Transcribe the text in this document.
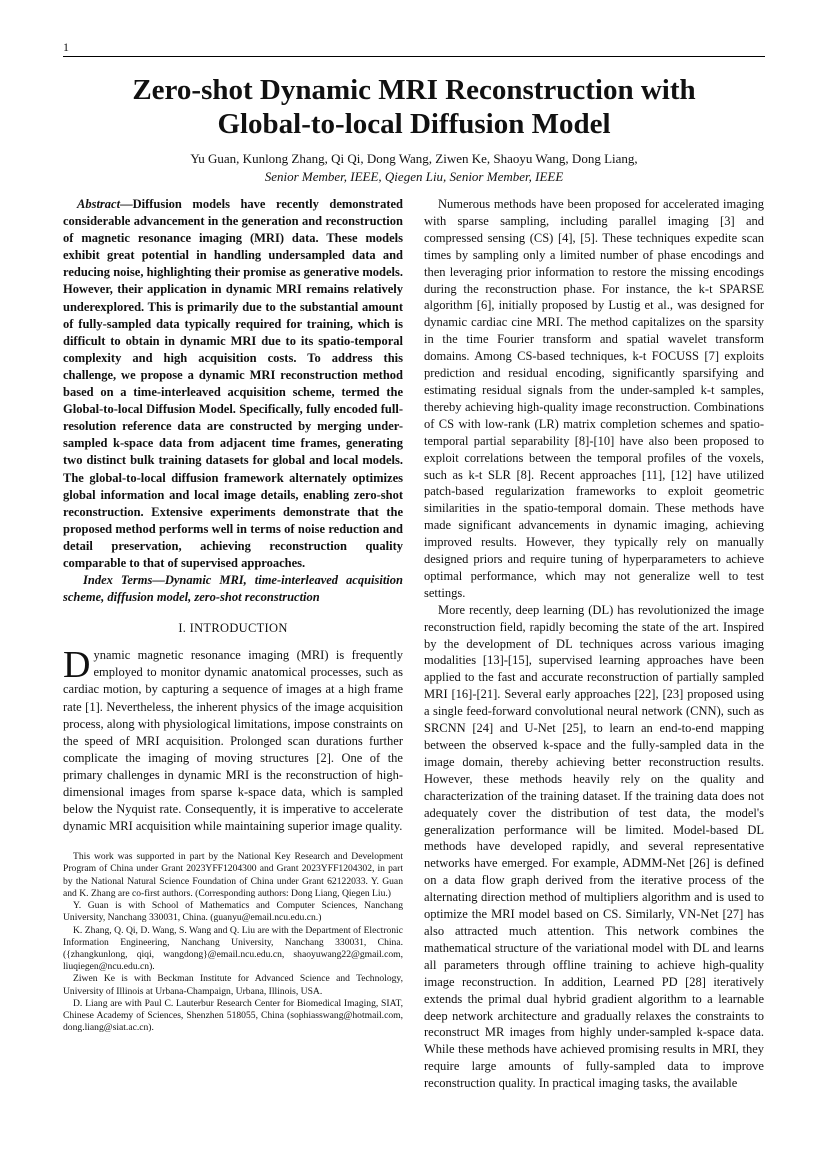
1
Zero-shot Dynamic MRI Reconstruction with
Global-to-local Diffusion Model
Yu Guan, Kunlong Zhang, Qi Qi, Dong Wang, Ziwen Ke, Shaoyu Wang, Dong Liang,
Senior Member, IEEE, Qiegen Liu, Senior Member, IEEE

Abstract—Diffusion models have recently demonstrated considerable advancement in the generation and reconstruction of magnetic resonance imaging (MRI) data. These models exhibit great potential in handling undersampled data and reducing noise, highlighting their promise as generative models. However, their application in dynamic MRI remains relatively underexplored. This is primarily due to the substantial amount of fully-sampled data typically required for training, which is difficult to obtain in dynamic MRI due to its spatio-temporal complexity and high acquisition costs. To address this challenge, we propose a dynamic MRI reconstruction method based on a time-interleaved acquisition scheme, termed the Global-to-local Diffusion Model. Specifically, fully encoded full-resolution reference data are constructed by merging under-sampled k-space data from adjacent time frames, generating two distinct bulk training datasets for global and local models. The global-to-local diffusion framework alternately optimizes global information and local image details, enabling zero-shot reconstruction. Extensive experiments demonstrate that the proposed method performs well in terms of noise reduction and detail preservation, achieving reconstruction quality comparable to that of supervised approaches.

Index Terms—Dynamic MRI, time-interleaved acquisition scheme, diffusion model, zero-shot reconstruction

I. INTRODUCTION

Dynamic magnetic resonance imaging (MRI) is frequently employed to monitor dynamic anatomical processes, such as cardiac motion, by capturing a sequence of images at a high frame rate [1]. Nevertheless, the inherent physics of the image acquisition process, along with physiological limitations, impose constraints on the speed of MRI acquisition. Prolonged scan durations further complicate the imaging of moving structures [2]. One of the primary challenges in dynamic MRI is the reconstruction of high-dimensional images from sparse k-space data, which is sampled below the Nyquist rate. Consequently, it is imperative to accelerate dynamic MRI acquisition while maintaining superior image quality.

This work was supported in part by the National Key Research and Development Program of China under Grant 2023YFF1204300 and Grant 2023YFF1204302, in part by the National Natural Science Foundation of China under Grant 62122033. Y. Guan and K. Zhang are co-first authors. (Corresponding authors: Dong Liang, Qiegen Liu.)

Y. Guan is with School of Mathematics and Computer Sciences, Nanchang University, Nanchang 330031, China. (guanyu@email.ncu.edu.cn.)

K. Zhang, Q. Qi, D. Wang, S. Wang and Q. Liu are with the Department of Electronic Information Engineering, Nanchang University, Nanchang 330031, China. ({zhangkunlong, qiqi, wangdong}@email.ncu.edu.cn, shaoyuwang22@gmail.com, liuqiegen@ncu.edu.cn).

Ziwen Ke is with Beckman Institute for Advanced Science and Technology, University of Illinois at Urbana-Champaign, Urbana, Illinois, USA.

D. Liang are with Paul C. Lauterbur Research Center for Biomedical Imaging, SIAT, Chinese Academy of Sciences, Shenzhen 518055, China (sophiasswang@hotmail.com, dong.liang@siat.ac.cn).

Numerous methods have been proposed for accelerated imaging with sparse sampling, including parallel imaging [3] and compressed sensing (CS) [4], [5]. These techniques expedite scan times by sampling only a limited number of phase encodings and then leveraging prior information to restore the missing encodings during the reconstruction phase. For instance, the k-t SPARSE algorithm [6], initially proposed by Lustig et al., was designed for dynamic cardiac cine MRI. The method capitalizes on the sparsity in the time Fourier transform and spatial wavelet transform domains. Among CS-based techniques, k-t FOCUSS [7] exploits prediction and residual encoding, significantly sparsifying and estimating residual signals from the under-sampled k-t samples, thereby achieving high-quality image reconstruction. Combinations of CS with low-rank (LR) matrix completion schemes and spatio-temporal partial separability [8]-[10] have also been proposed to exploit correlations between the temporal profiles of the voxels, such as k-t SLR [8]. Recent approaches [11], [12] have utilized patch-based regularization frameworks to exploit geometric similarities in the spatio-temporal domain. These methods have made significant advancements in dynamic imaging, achieving improved results. However, they typically rely on manually designed priors and require tuning of hyperparameters to achieve optimal performance, which may not generalize well to test settings.

More recently, deep learning (DL) has revolutionized the image reconstruction field, rapidly becoming the state of the art. Inspired by the development of DL techniques across various imaging modalities [13]-[15], supervised learning approaches have been applied to the fast and accurate reconstruction of partially sampled MRI [16]-[21]. Several early approaches [22], [23] proposed using a single feed-forward convolutional neural network (CNN), such as SRCNN [24] and U-Net [25], to learn an end-to-end mapping between the observed k-space and the fully-sampled data in the image domain, thereby achieving better reconstruction results. However, these methods heavily rely on the quality and characterization of the training dataset. If the training data does not adequately cover the distribution of test data, the model's generalization performance will be limited. Model-based DL methods have developed rapidly, and several representative networks have emerged. For example, ADMM-Net [26] is defined on a data flow graph derived from the iterative process of the alternating direction method of multipliers algorithm and is used to optimize the MRI model based on CS. Similarly, VN-Net [27] has also attracted much attention. This network combines the mathematical structure of the variational model with DL and learns all parameters through offline training to achieve high-quality image reconstruction. In addition, Learned PD [28] iteratively extends the primal dual hybrid gradient algorithm to a learnable deep network architecture and gradually relaxes the constraints to reconstruct MR images from highly under-sampled k-space data. While these methods have achieved promising results in MRI, they require large amounts of fully-sampled data to improve reconstruction quality. In practical imaging tasks, the available
